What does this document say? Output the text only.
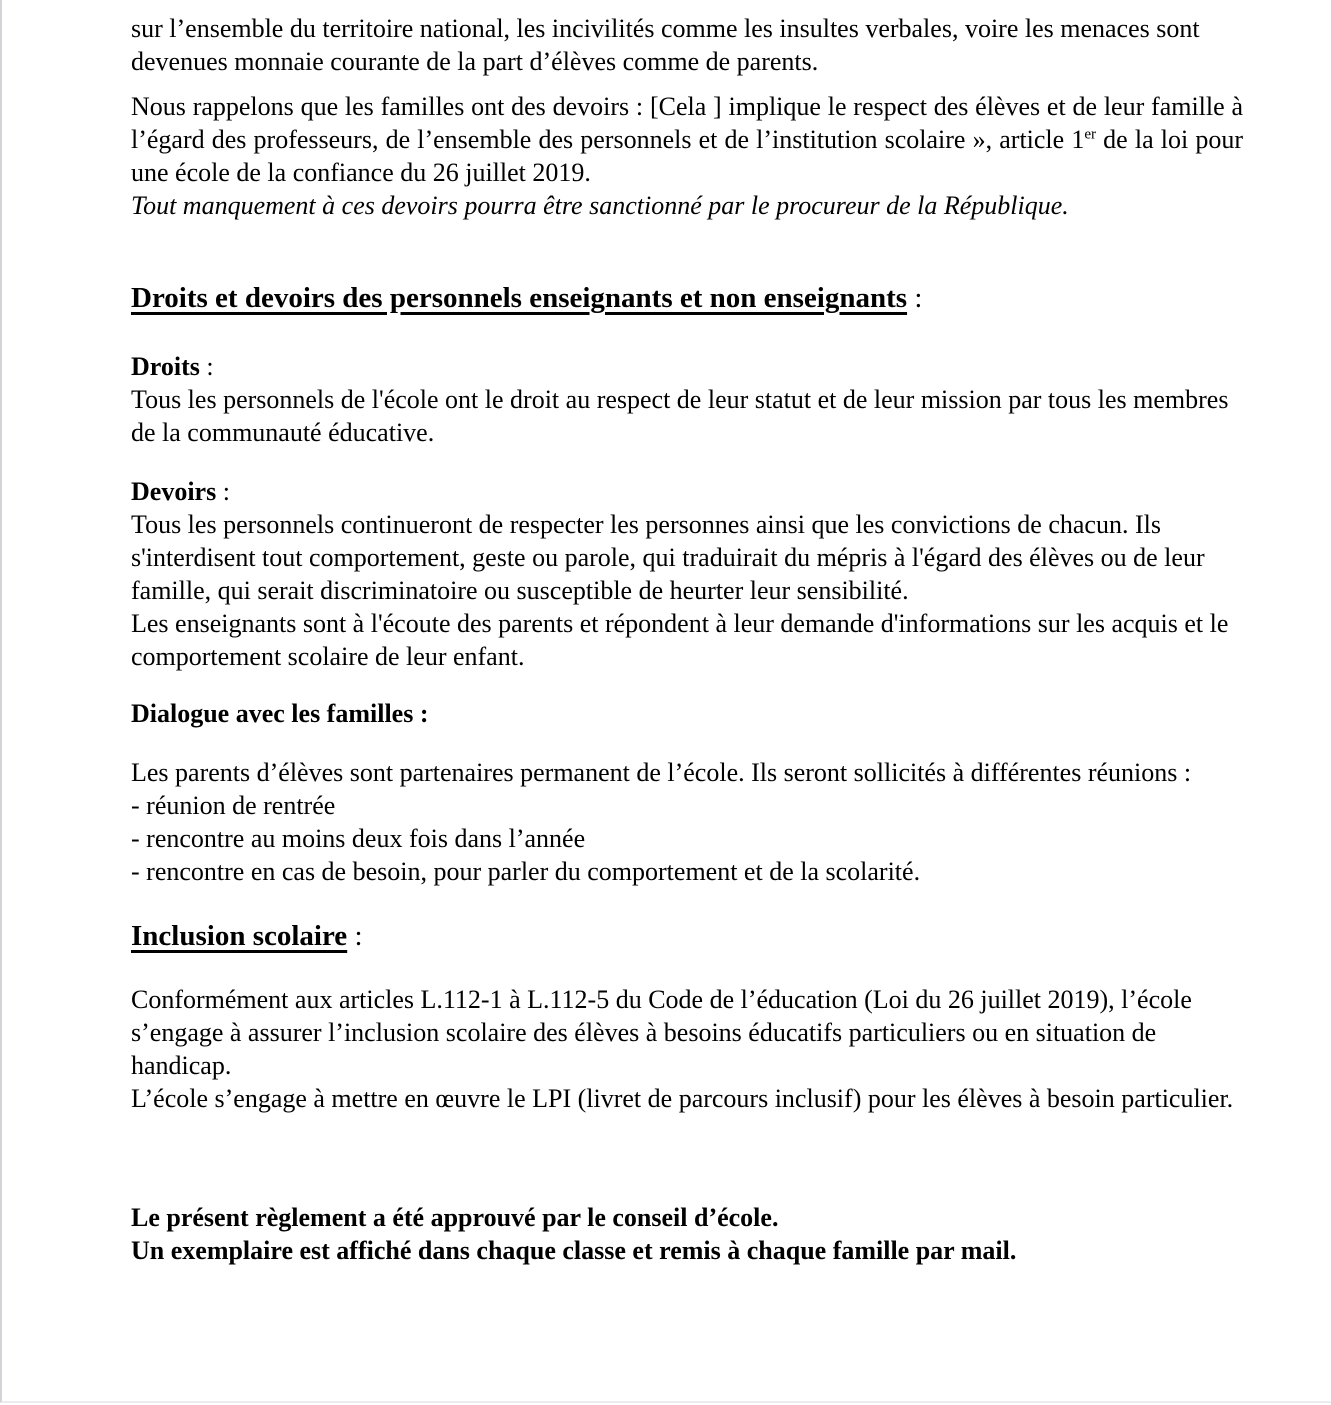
sur l’ensemble du territoire national, les incivilités comme les insultes verbales, voire les menaces sont devenues monnaie courante de la part d’élèves comme de parents.

Nous rappelons que les familles ont des devoirs : [Cela ] implique le respect des élèves et de leur famille à l’égard des professeurs, de l’ensemble des personnels et de l’institution scolaire », article 1er de la loi pour une école de la confiance du 26 juillet 2019.

Tout manquement à ces devoirs pourra être sanctionné par le procureur de la République.

Droits et devoirs des personnels enseignants et non enseignants :

Droits :

Tous les personnels de l'école ont le droit au respect de leur statut et de leur mission par tous les membres de la communauté éducative.

Devoirs :

Tous les personnels continueront de respecter les personnes ainsi que les convictions de chacun. Ils s'interdisent tout comportement, geste ou parole, qui traduirait du mépris à l'égard des élèves ou de leur famille, qui serait discriminatoire ou susceptible de heurter leur sensibilité.

Les enseignants sont à l'écoute des parents et répondent à leur demande d'informations sur les acquis et le comportement scolaire de leur enfant.

Dialogue avec les familles :

Les parents d’élèves sont partenaires permanent de l’école. Ils seront sollicités à différentes réunions :

- réunion de rentrée
- rencontre au moins deux fois dans l’année
- rencontre en cas de besoin, pour parler du comportement et de la scolarité.
Inclusion scolaire :

Conformément aux articles L.112-1 à L.112-5 du Code de l’éducation (Loi du 26 juillet 2019), l’école s’engage à assurer l’inclusion scolaire des élèves à besoins éducatifs particuliers ou en situation de handicap.

L’école s’engage à mettre en œuvre le LPI (livret de parcours inclusif) pour les élèves à besoin particulier.

Le présent règlement a été approuvé par le conseil d’école.

Un exemplaire est affiché dans chaque classe et remis à chaque famille par mail.
